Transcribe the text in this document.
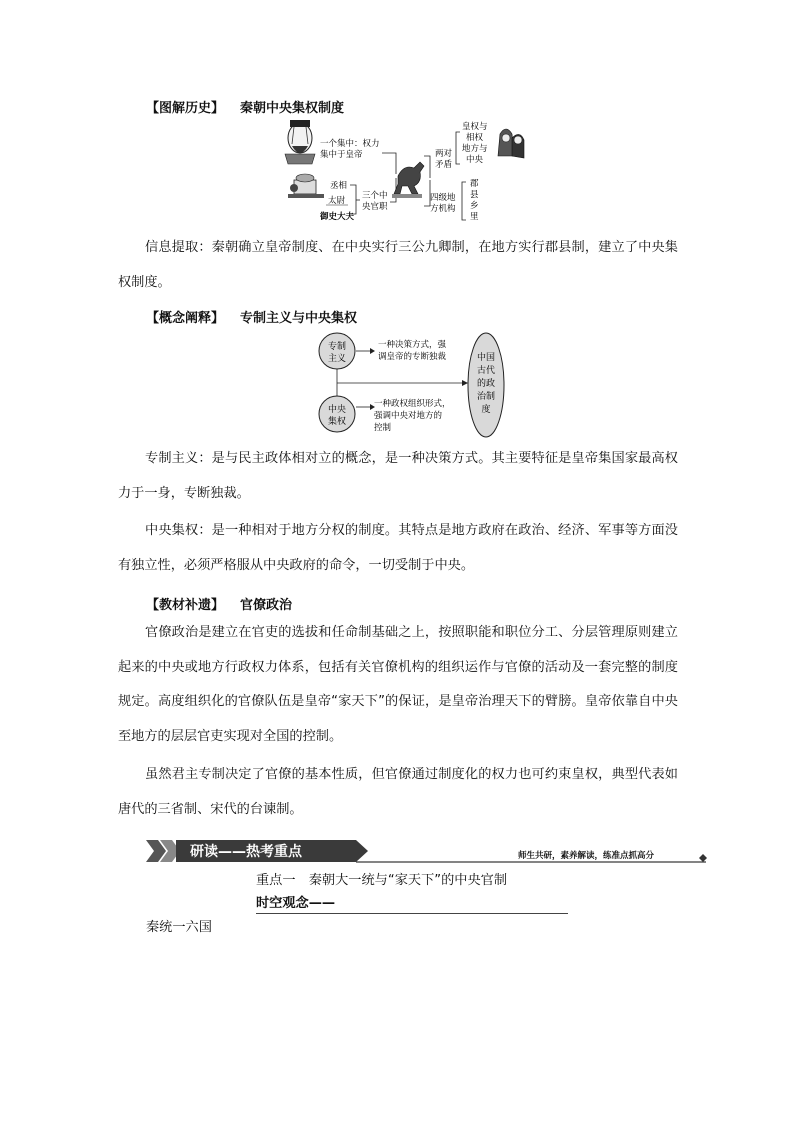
【图解历史】 秦朝中央集权制度
一个集中：权力
集中于皇帝
丞相
太尉
御史大夫
三个中
央官职
两对
矛盾
皇权与
相权
地方与
中央
四级地
方机构
郡
县
乡
里
信息提取：秦朝确立皇帝制度、在中央实行三公九卿制，在地方实行郡县制，建立了中央集权制度。
【概念阐释】 专制主义与中央集权
专制
主义
中央
集权
一种决策方式，强
调皇帝的专断独裁
一种政权组织形式，
强调中央对地方的
控制
中国
古代
的政
治制
度
专制主义：是与民主政体相对立的概念，是一种决策方式。其主要特征是皇帝集国家最高权力于一身，专断独裁。
中央集权：是一种相对于地方分权的制度。其特点是地方政府在政治、经济、军事等方面没有独立性，必须严格服从中央政府的命令，一切受制于中央。
【教材补遗】 官僚政治
官僚政治是建立在官吏的选拔和任命制基础之上，按照职能和职位分工、分层管理原则建立起来的中央或地方行政权力体系，包括有关官僚机构的组织运作与官僚的活动及一套完整的制度规定。高度组织化的官僚队伍是皇帝“家天下”的保证，是皇帝治理天下的臂膀。皇帝依靠自中央至地方的层层官吏实现对全国的控制。
虽然君主专制决定了官僚的基本性质，但官僚通过制度化的权力也可约束皇权，典型代表如唐代的三省制、宋代的台谏制。
研读——热考重点	师生共研，素养解读，练准点抓高分
重点一　秦朝大一统与“家天下”的中央官制
时空观念——
秦统一六国
